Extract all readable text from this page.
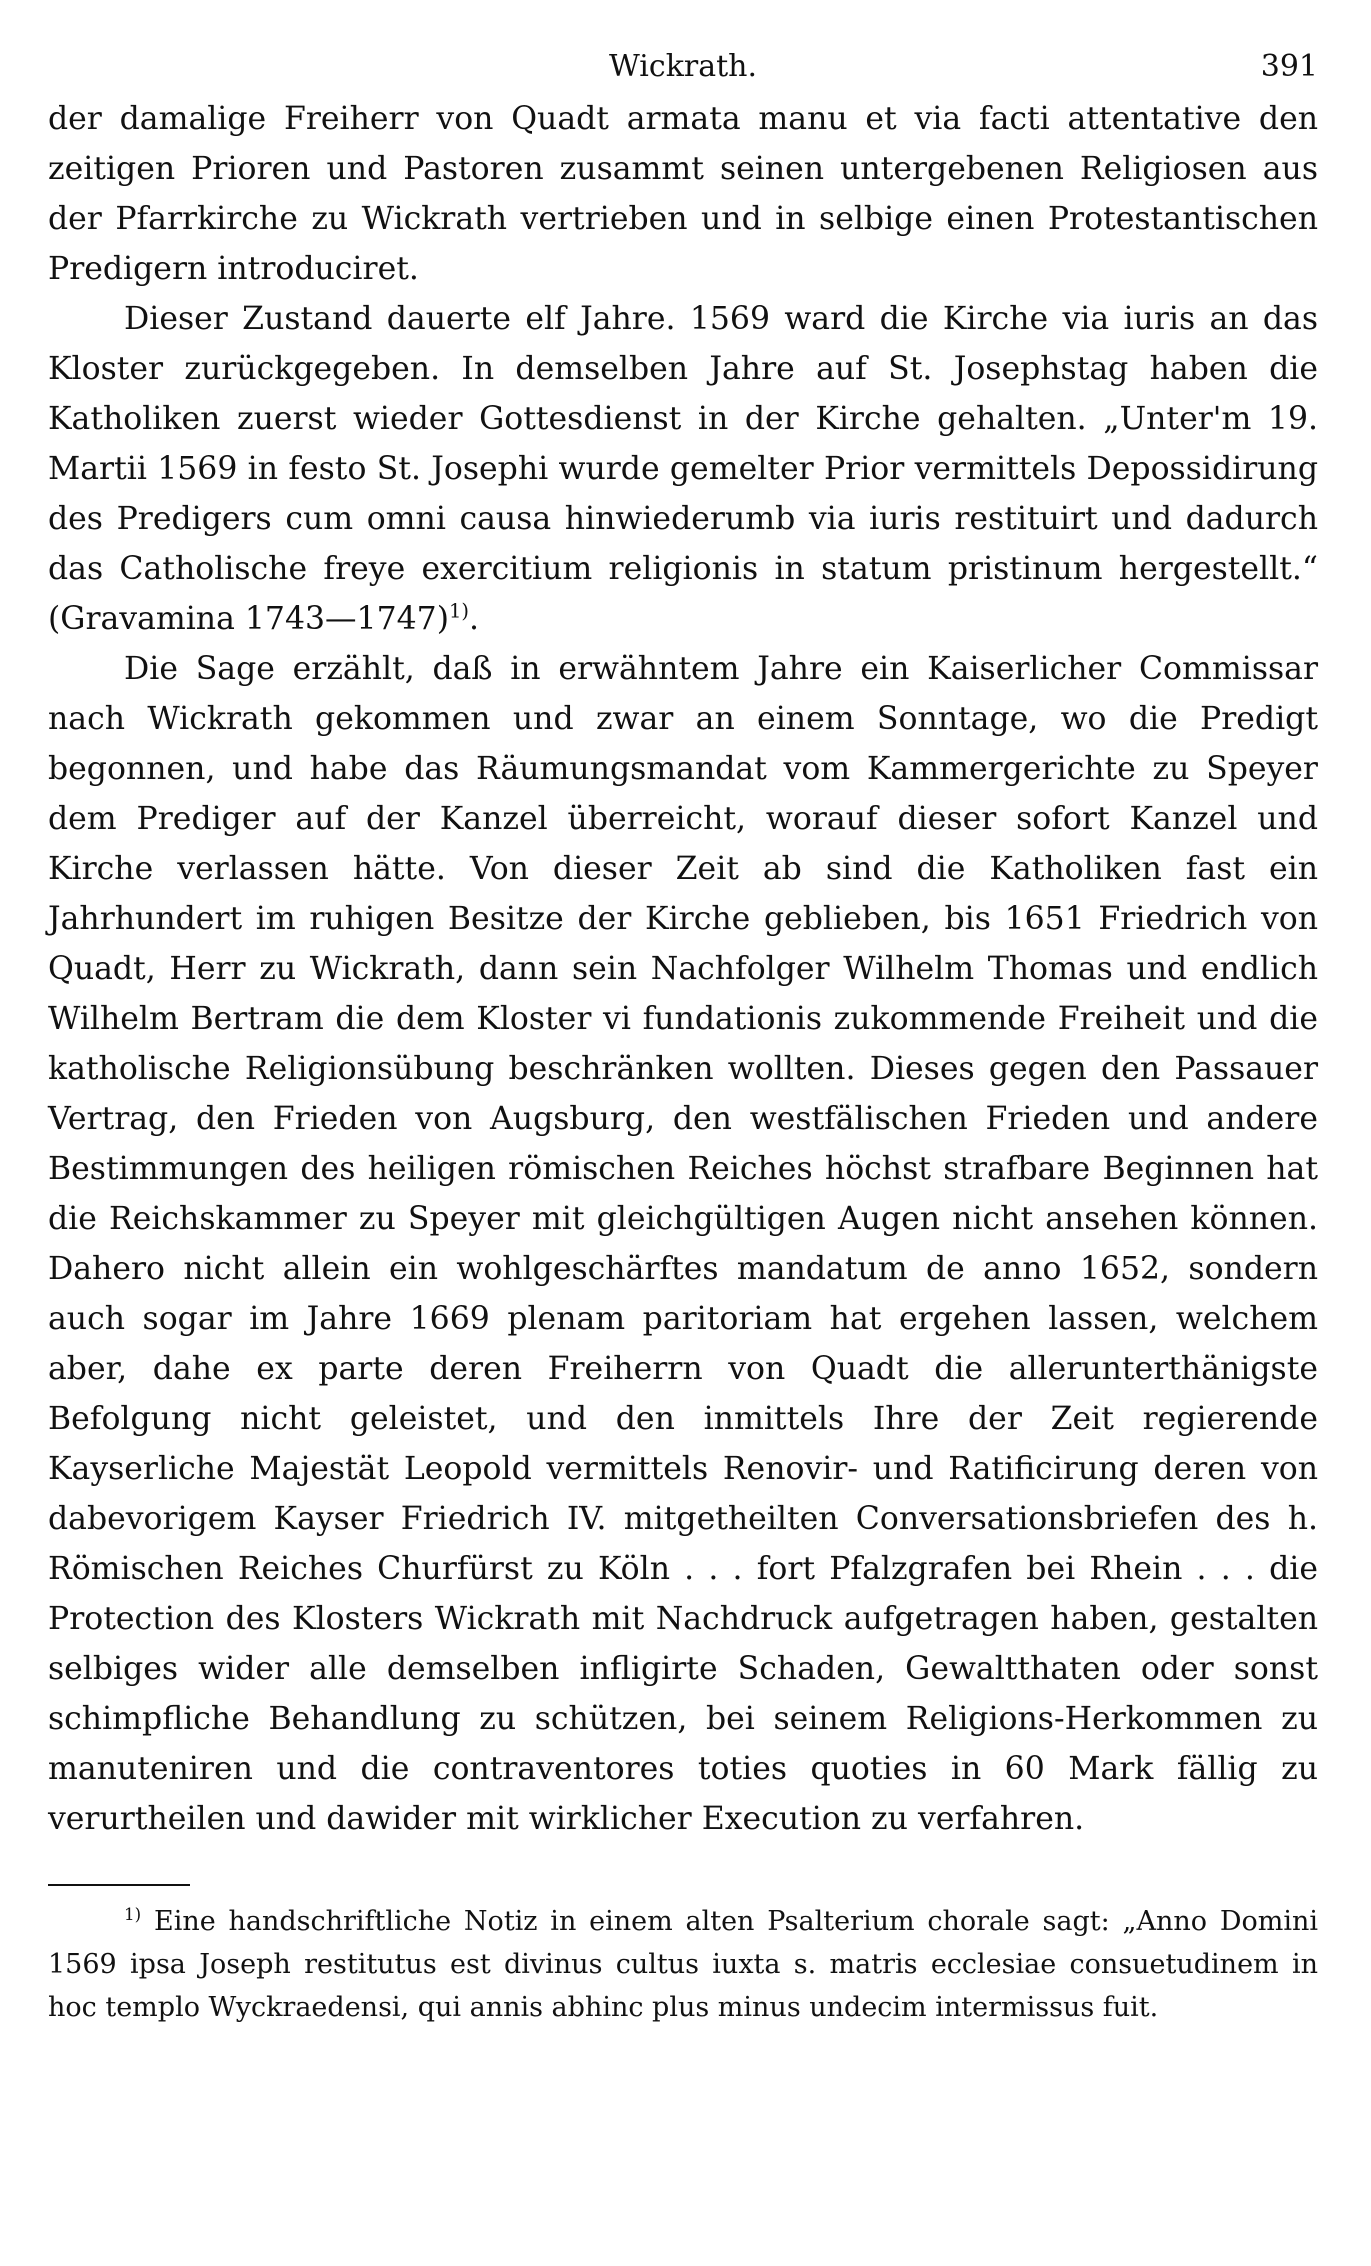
Wickrath.	391

der damalige Freiherr von Quadt armata manu et via facti attentative den zeitigen Prioren und Pastoren zusammt seinen untergebenen Religiosen aus der Pfarrkirche zu Wickrath vertrieben und in selbige einen Protestantischen Predigern introduciret.

Dieser Zustand dauerte elf Jahre. 1569 ward die Kirche via iuris an das Kloster zurückgegeben. In demselben Jahre auf St. Josephstag haben die Katholiken zuerst wieder Gottesdienst in der Kirche gehalten. „Unter'm 19. Martii 1569 in festo St. Josephi wurde gemelter Prior vermittels Depossidirung des Predigers cum omni causa hinwiederumb via iuris restituirt und dadurch das Catholische freye exercitium religionis in statum pristinum hergestellt.“ (Gravamina 1743—1747)$^{1)}$.

Die Sage erzählt, daß in erwähntem Jahre ein Kaiserlicher Commissar nach Wickrath gekommen und zwar an einem Sonntage, wo die Predigt begonnen, und habe das Räumungsmandat vom Kammergerichte zu Speyer dem Prediger auf der Kanzel überreicht, worauf dieser sofort Kanzel und Kirche verlassen hätte. Von dieser Zeit ab sind die Katholiken fast ein Jahrhundert im ruhigen Besitze der Kirche geblieben, bis 1651 Friedrich von Quadt, Herr zu Wickrath, dann sein Nachfolger Wilhelm Thomas und endlich Wilhelm Bertram die dem Kloster vi fundationis zukommende Freiheit und die katholische Religionsübung beschränken wollten. Dieses gegen den Passauer Vertrag, den Frieden von Augsburg, den westfälischen Frieden und andere Bestimmungen des heiligen römischen Reiches höchst strafbare Beginnen hat die Reichskammer zu Speyer mit gleichgültigen Augen nicht ansehen können. Dahero nicht allein ein wohlgeschärftes mandatum de anno 1652, sondern auch sogar im Jahre 1669 plenam paritoriam hat ergehen lassen, welchem aber, dahe ex parte deren Freiherrn von Quadt die allerunterthänigste Befolgung nicht geleistet, und den inmittels Ihre der Zeit regierende Kayserliche Majestät Leopold vermittels Renovir- und Ratificirung deren von dabevorigem Kayser Friedrich IV. mitgetheilten Conversationsbriefen des h. Römischen Reiches Churfürst zu Köln . . . fort Pfalzgrafen bei Rhein . . . die Protection des Klosters Wickrath mit Nachdruck aufgetragen haben, gestalten selbiges wider alle demselben infligirte Schaden, Gewaltthaten oder sonst schimpfliche Behandlung zu schützen, bei seinem Religions-Herkommen zu manuteniren und die contraventores toties quoties in 60 Mark fällig zu verurtheilen und dawider mit wirklicher Execution zu verfahren.

$^{1)}$ Eine handschriftliche Notiz in einem alten Psalterium chorale sagt: „Anno Domini 1569 ipsa Joseph restitutus est divinus cultus iuxta s. matris ecclesiae consuetudinem in hoc templo Wyckraedensi, qui annis abhinc plus minus undecim intermissus fuit.
